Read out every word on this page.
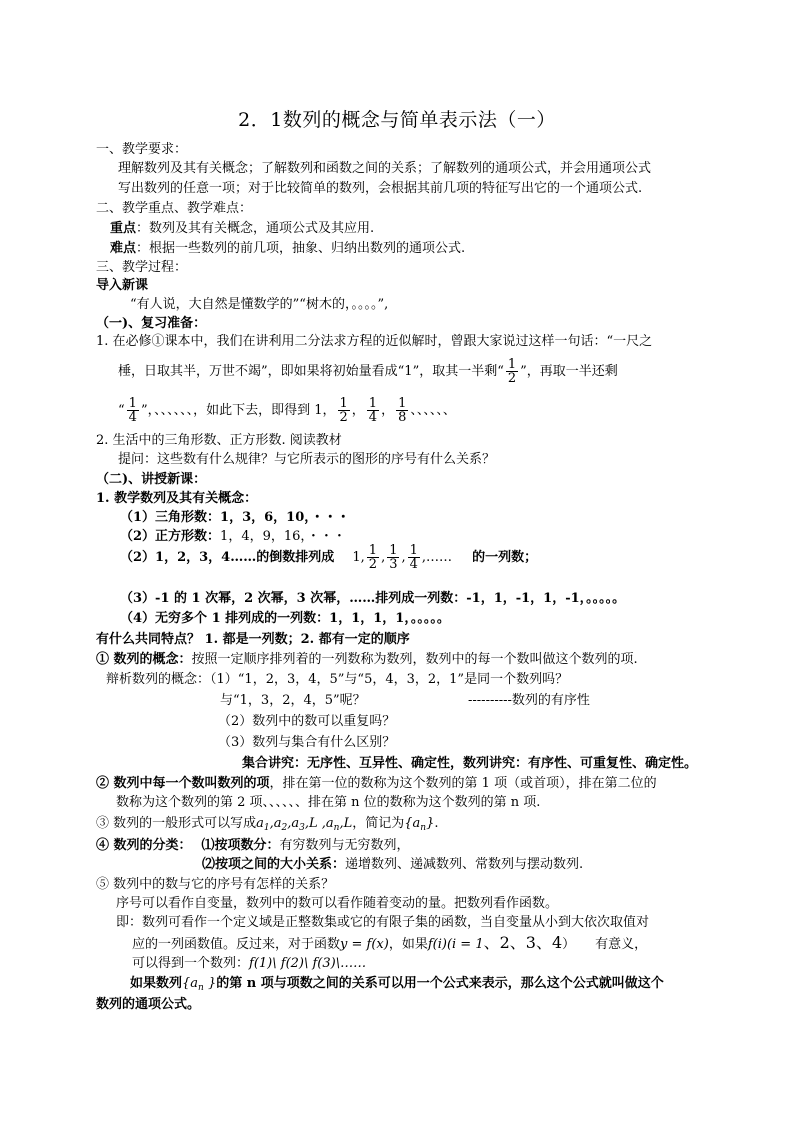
2．1数列的概念与简单表示法（一）
一、教学要求：
理解数列及其有关概念；了解数列和函数之间的关系；了解数列的通项公式，并会用通项公式
写出数列的任意一项；对于比较简单的数列，会根据其前几项的特征写出它的一个通项公式.
二、教学重点、教学难点：
重点：数列及其有关概念，通项公式及其应用.
难点：根据一些数列的前几项，抽象、归纳出数列的通项公式.
三、教学过程：
导入新课
“有人说，大自然是懂数学的”“树木的，。。。。”,
（一)、复习准备：
1. 在必修①课本中，我们在讲利用二分法求方程的近似解时，曾跟大家说过这样一句话：“一尺之
棰，日取其半，万世不竭”，即如果将初始量看成“1”，取其一半剩“ $\frac{1}{2}$ ”，再取一半还剩
“ $\frac{1}{4}$ ”，、、、、、、，如此下去，即得到 1， $\frac{1}{2}$ ， $\frac{1}{4}$ ， $\frac{1}{8}$ 、、、、、、
2. 生活中的三角形数、正方形数. 阅读教材
提问：这些数有什么规律？与它所表示的图形的序号有什么关系？
（二)、讲授新课：
1. 教学数列及其有关概念：
（1）三角形数：1，3，6，10，・・・
（2）正方形数：1，4，9，16，・・・
（2）1，2，3，4……的倒数排列成 1, $\frac{1}{2}$ , $\frac{1}{3}$ , $\frac{1}{4}$ ,…… 的一列数；
（3）-1 的 1 次幂，2 次幂，3 次幂，……排列成一列数：-1，1，-1，1，-1，。。。。。
（4）无穷多个 1 排列成的一列数：1，1，1，1，。。。。。
有什么共同特点？ 1. 都是一列数；2. 都有一定的顺序
① 数列的概念：按照一定顺序排列着的一列数称为数列，数列中的每一个数叫做这个数列的项.
辩析数列的概念：（1）“1，2，3，4，5”与“5，4，3，2，1”是同一个数列吗？
与“1，3，2，4，5”呢？	----------数列的有序性
（2）数列中的数可以重复吗？
（3）数列与集合有什么区别？
集合讲究：无序性、互异性、确定性，数列讲究：有序性、可重复性、确定性。
② 数列中每一个数叫数列的项，排在第一位的数称为这个数列的第 1 项（或首项），排在第二位的
数称为这个数列的第 2 项、、、、、、排在第 n 位的数称为这个数列的第 n 项.
③ 数列的一般形式可以写成$a_1,a_2,a_3,L$ $,a_n,L$，简记为$\{a_n\}$.
④ 数列的分类： ⑴按项数分：有穷数列与无穷数列，
⑵按项之间的大小关系：递增数列、递减数列、常数列与摆动数列.
⑤ 数列中的数与它的序号有怎样的关系？
序号可以看作自变量，数列中的数可以看作随着变动的量。把数列看作函数。
即：数列可看作一个定义域是正整数集或它的有限子集的函数，当自变量从小到大依次取值对
应的一列函数值。反过来，对于函数y = f(x)，如果f(i)(i = 1、2、3、4） 有意义，
可以得到一个数列：f(1)\ f(2)\ f(3)\……
如果数列{$a_n$ }的第 n 项与项数之间的关系可以用一个公式来表示，那么这个公式就叫做这个
数列的通项公式。
